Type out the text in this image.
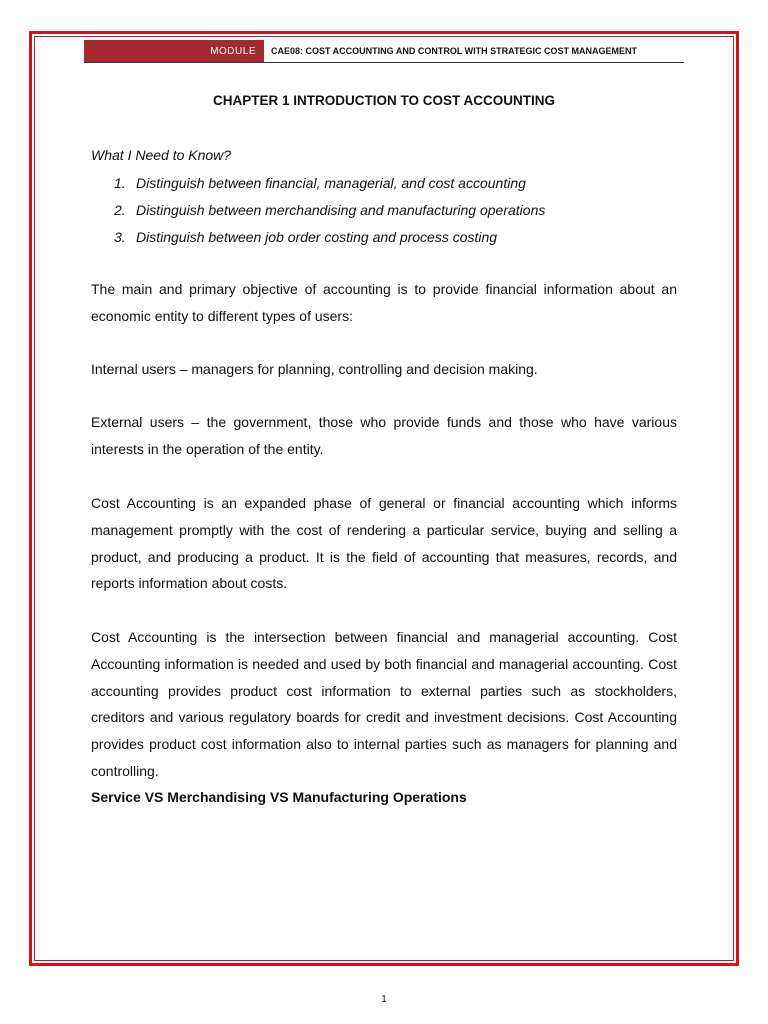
MODULE	CAE08: COST ACCOUNTING AND CONTROL WITH STRATEGIC COST MANAGEMENT
CHAPTER 1 INTRODUCTION TO COST ACCOUNTING
What I Need to Know?
1. Distinguish between financial, managerial, and cost accounting
2. Distinguish between merchandising and manufacturing operations
3. Distinguish between job order costing and process costing

The main and primary objective of accounting is to provide financial information about an economic entity to different types of users:

Internal users – managers for planning, controlling and decision making.

External users – the government, those who provide funds and those who have various interests in the operation of the entity.

Cost Accounting is an expanded phase of general or financial accounting which informs management promptly with the cost of rendering a particular service, buying and selling a product, and producing a product. It is the field of accounting that measures, records, and reports information about costs.

Cost Accounting is the intersection between financial and managerial accounting. Cost Accounting information is needed and used by both financial and managerial accounting. Cost accounting provides product cost information to external parties such as stockholders, creditors and various regulatory boards for credit and investment decisions. Cost Accounting provides product cost information also to internal parties such as managers for planning and controlling.

Service VS Merchandising VS Manufacturing Operations
1
